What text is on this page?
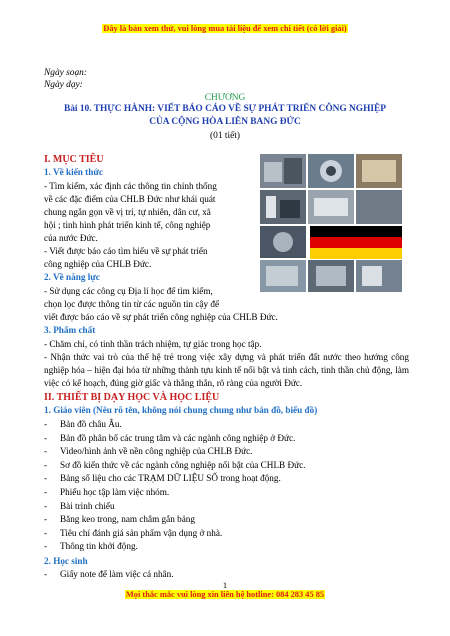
Đây là bản xem thử, vui lòng mua tài liệu để xem chi tiết (có lời giải)
Ngày soạn:
Ngày dạy:
CHƯƠNG
Bài 10. THỰC HÀNH: VIẾT BÁO CÁO VỀ SỰ PHÁT TRIỂN CÔNG NGHIỆP
CỦA CỘNG HÒA LIÊN BANG ĐỨC
(01 tiết)
I. MỤC TIÊU
1. Về kiến thức
- Tìm kiếm, xác định các thông tin chính thống
về các đặc điểm của CHLB Đức như khái quát
chung ngắn gọn về vị trí, tự nhiên, dân cư, xã
hội ; tình hình phát triển kinh tế, công nghiệp
của nước Đức.
- Viết được báo cáo tìm hiểu về sự phát triển
công nghiệp của CHLB Đức.
2. Về năng lực
- Sử dụng các công cụ Địa lí học để tìm kiếm,
chọn lọc được thông tin từ các nguồn tin cậy để
viết được báo cáo về sự phát triển công nghiệp của CHLB Đức.
3. Phẩm chất
- Chăm chỉ, có tinh thần trách nhiệm, tự giác trong học tập.
- Nhận thức vai trò của thế hệ trẻ trong việc xây dựng và phát triển đất nước theo hướng công nghiệp hóa – hiện đại hóa từ những thành tựu kinh tế nổi bật và tinh cách, tinh thần chủ động, làm việc có kế hoạch, đúng giờ giấc và thẳng thắn, rõ ràng của người Đức.
II. THIẾT BỊ DẠY HỌC VÀ HỌC LIỆU
1. Giáo viên (Nêu rõ tên, không nói chung chung như bản đồ, biểu đồ)
- Bản đồ châu Âu.
- Bản đồ phân bố các trung tâm và các ngành công nghiệp ở Đức.
- Video/hình ảnh về nền công nghiệp của CHLB Đức.
- Sơ đồ kiến thức về các ngành công nghiệp nổi bật của CHLB Đức.
- Bảng số liệu cho các TRẠM DỮ LIỆU SỐ trong hoạt động.
- Phiếu học tập làm việc nhóm.
- Bài trình chiếu
- Băng keo trong, nam châm gắn bảng
- Tiêu chí đánh giá sản phẩm vận dụng ở nhà.
- Thông tin khởi động.
2. Học sinh
- Giấy note để làm việc cá nhân.
1
Mọi thắc mắc vui lòng xin liên hệ hotline: 084 283 45 85
